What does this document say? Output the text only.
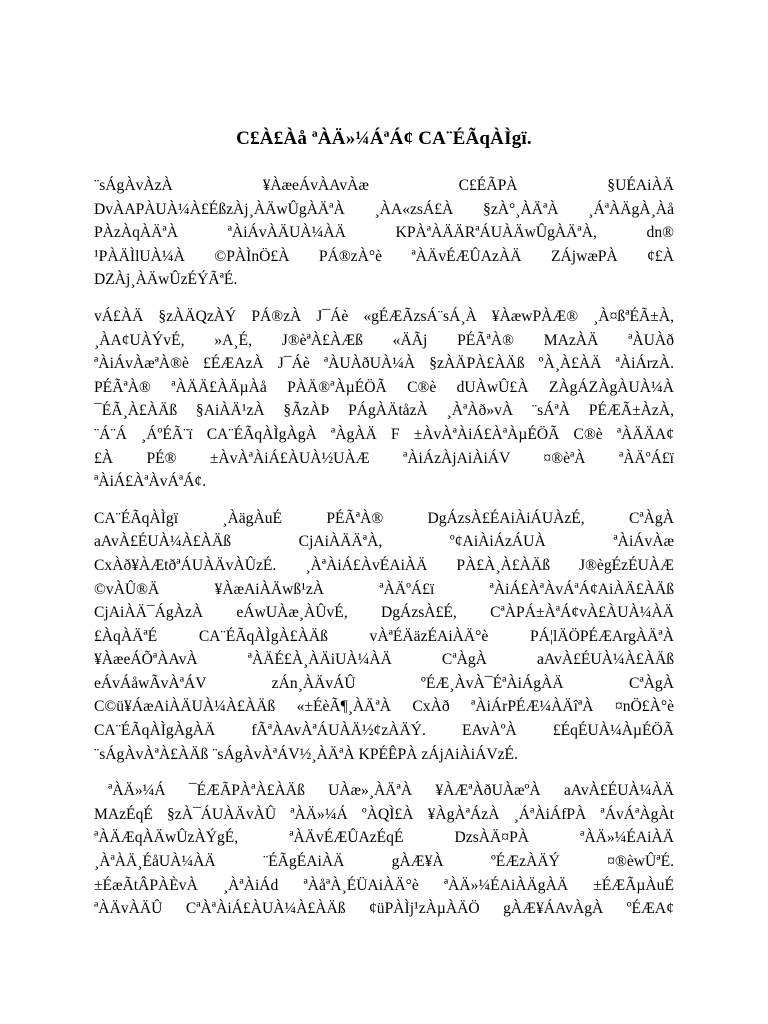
C£À£Àå ªÀÄ»¼ÁªÁ¢ CA¨ÉÃqÀÌgï.
¨sÁgÀvÀzÀ ¥ÀæeÁvÀAvÀæ C£ÉÃPÀ §UÉAiÀÄ
DvÀAPÀUÀ¼À£ÉßzÀj¸ÀÄwÛgÀÄªÀ ¸ÀA«zsÁ£À §zÀ°¸ÀÄªÀ ¸ÁªÀÄgÀ¸Àå
PÀzÀqÀÄªÀ ªÀiÁvÀÄUÀ¼ÀÄ KPÀªÀÄÄRªÁUÀÄwÛgÀÄªÀ, dn®
¹PÀÄÌlUÀ¼À ©PÀÌnÖ£À PÁ®zÀ°è ªÀÄvÉÆÛAzÀÄ ZÁjwæPÀ ¢£À
DZÀj¸ÀÄwÛzÉÝÃªÉ.
vÁ£ÀÄ §zÀÄQzÀÝ PÁ®zÀ J¯Áè «gÉÆÃzsÁ¨sÁ¸À ¥ÀæwPÀÆ® ¸À¤ßªÉÃ±À,
¸ÀA¢UÀÝvÉ, »A¸É, J®èªÀ£ÀÆß «ÄÃj PÉÃªÀ® MAzÀÄ ªÀUÀð
ªÀiÁvÀæªÀ®è £ÉÆAzÀ J¯Áè ªÀUÀðUÀ¼À §zÀÄPÀ£ÀÄß ºÀ¸À£ÀÄ ªÀiÁrzÀ.
PÉÃªÀ® ªÀÄÄ£ÀÄµÀå PÀÄ®ªÀµÉÖÃ C®è dUÀwÛ£À ZÀgÁZÀgÀUÀ¼À
¯ÉÃ¸À£ÀÄß §AiÀÄ¹zÀ §ÃzÀÞ PÁgÀÄtåzÀ ¸ÀªÀð»vÀ ¨sÁªÀ PÉÆÃ±ÀzÀ,
¨Á¨Á ¸ÁºÉÃ¨ï CA¨ÉÃqÀÌgÀgÀ ªÀgÀÄ F ±ÀvÀªÀiÁ£ÀªÀµÉÖÃ C®è ªÀÄÄA¢
£À PÉ® ±ÀvÀªÀiÁ£ÀUÀ½UÀÆ ªÀiÁzÀjAiÀiÁV ¤®èªÀ ªÀÄºÁ£ï
ªÀiÁ£ÀªÀvÁªÁ¢.
CA¨ÉÃqÀÌgï ¸ÀägÀuÉ PÉÃªÀ® DgÁzsÀ£ÉAiÀiÁUÀzÉ, CªÀgÀ
aAvÀ£ÉUÀ¼À£ÀÄß CjAiÀÄÄªÀ, º¢AiÀiÁzÁUÀ ªÀiÁvÀæ
CxÀð¥ÀÆtðªÁUÀÄvÀÛzÉ. ¸ÀªÀiÁ£ÀvÉAiÀÄ PÀ£À¸À£ÀÄß J®ègÉzÉUÀÆ
©vÀÛ®Ä ¥ÀæAiÀÄwß¹zÀ ªÀÄºÁ£ï ªÀiÁ£ÀªÀvÁªÁ¢AiÀÄ£ÀÄß
CjAiÀÄ¯ÁgÀzÀ eÁwUÀæ¸ÀÛvÉ, DgÁzsÀ£É, CªÀPÁ±ÀªÁ¢vÀ£ÀUÀ¼ÀÄ
£ÀqÀÄªÉ CA¨ÉÃqÀÌgÀ£ÀÄß vÀªÉÄäzÉAiÀÄ°è PÁ¦lÄÖPÉÆArgÀÄªÀ
¥ÀæeÁÕªÀAvÀ ªÀÄÉ£À¸ÀÄiUÀ¼ÀÄ CªÀgÀ aAvÀ£ÉUÀ¼À£ÀÄß
eÁvÁåwÃvÀªÁV zÁn¸ÀÄvÁÛ ºÉÆ¸ÀvÀ¯ÉªÀiÁgÀÄ CªÀgÀ
C©ü¥ÁæAiÀÄUÀ¼À£ÀÄß «±ÉèÃ¶¸ÀÄªÀ CxÀð ªÀiÁrPÉÆ¼ÀÄîªÀ ¤nÖ£À°è
CA¨ÉÃqÀÌgÀgÀÄ fÃªÀAvÀªÁUÀÄ½¢zÀÄÝ. EAvÀºÀ £ÉqÉUÀ¼ÀµÉÖÃ
¨sÁgÀvÀªÀ£ÀÄß ¨sÁgÀvÀªÁV½¸ÀÄªÀ KPÉÊPÀ zÁjAiÀiÁVzÉ.
ªÀÄ»¼Á ¯ÉÆÃPÀªÀ£ÀÄß UÀæ»¸ÀÄªÀ ¥ÀÆªÀðUÀæºÀ aAvÀ£ÉUÀ¼ÀÄ
MAzÉqÉ §zÀ¯ÁUÀÄvÀÛ ªÀÄ»¼Á ºÀQÌ£À ¥ÀgÀªÁzÀ ¸ÁªÀiÁfPÀ ªÁvÁªÀgÀt
ªÀÄÆqÀÄwÛzÀÝgÉ, ªÀÄvÉÆÛAzÉqÉ DzsÀÄ¤PÀ ªÀÄ»¼ÉAiÀÄ
¸ÀªÀÄ¸ÉåUÀ¼ÀÄ ¨ÉÃgÉAiÀÄ gÀÆ¥À ºÉÆzÀÄÝ ¤®èwÛªÉ.
±ÉæÃtÂPÀÈvÀ ¸ÀªÀiÁd ªÀåªÀ¸ÉÜAiÀÄ°è ªÀÄ»¼ÉAiÀÄgÀÄ ±ÉÆÃµÀuÉ
ªÀÄvÀÄÛ CªÀªÀiÁ£ÀUÀ¼À£ÀÄß ¢üPÀÌj¹zÀµÀÄÖ gÀÆ¥ÁAvÀgÀ ºÉÆA¢
